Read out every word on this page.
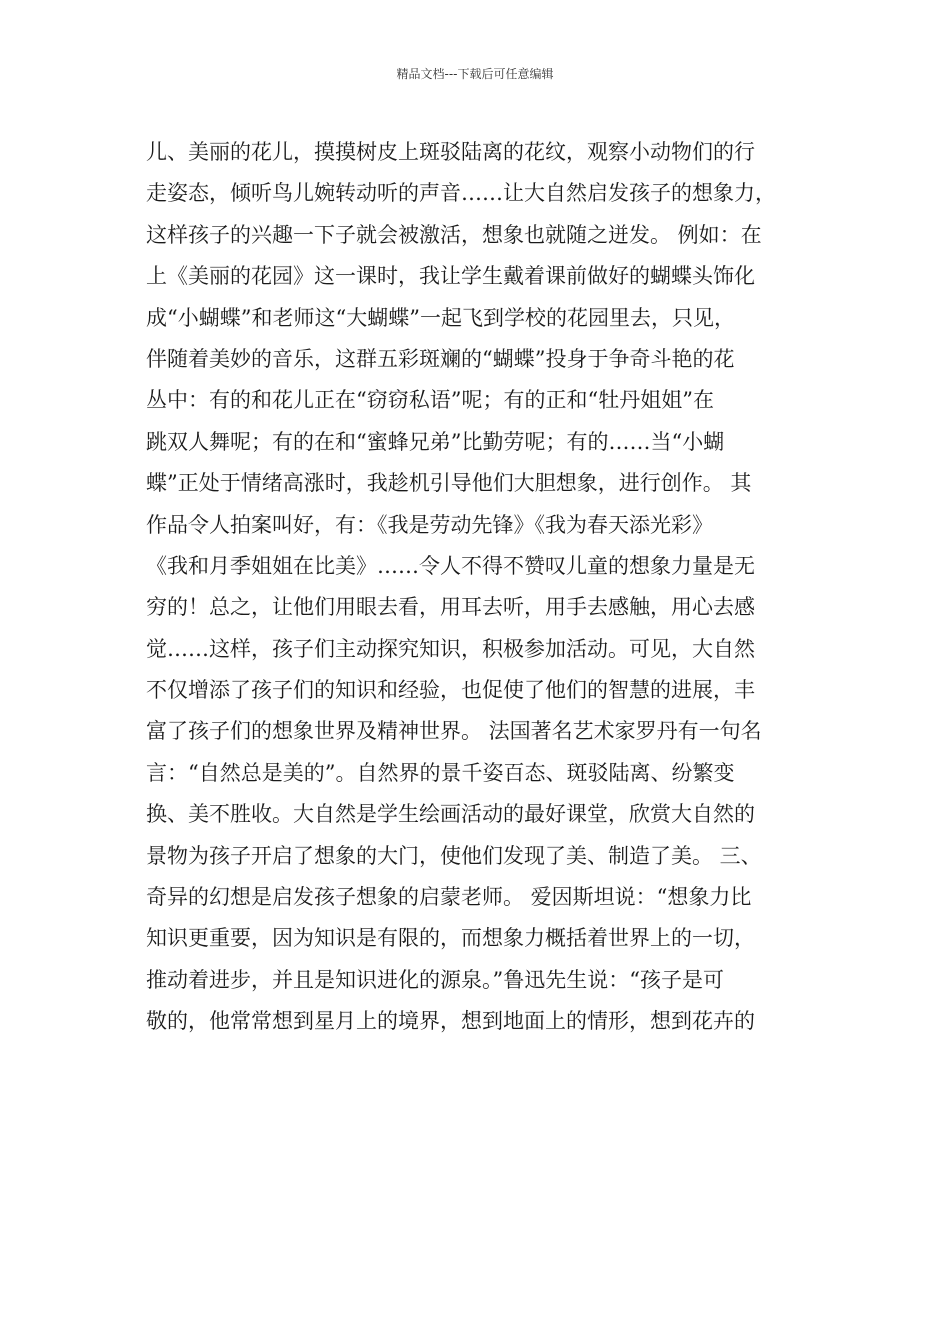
精品文档---下载后可任意编辑
儿、美丽的花儿，摸摸树皮上斑驳陆离的花纹，观察小动物们的行
走姿态，倾听鸟儿婉转动听的声音……让大自然启发孩子的想象力，
这样孩子的兴趣一下子就会被激活，想象也就随之迸发。 例如：在
上《美丽的花园》这一课时，我让学生戴着课前做好的蝴蝶头饰化
成“小蝴蝶”和老师这“大蝴蝶”一起飞到学校的花园里去，只见，
伴随着美妙的音乐，这群五彩斑斓的“蝴蝶”投身于争奇斗艳的花
丛中：有的和花儿正在“窃窃私语”呢；有的正和“牡丹姐姐”在
跳双人舞呢；有的在和“蜜蜂兄弟”比勤劳呢；有的……当“小蝴
蝶”正处于情绪高涨时，我趁机引导他们大胆想象，进行创作。 其
作品令人拍案叫好，有：《我是劳动先锋》《我为春天添光彩》
《我和月季姐姐在比美》……令人不得不赞叹儿童的想象力量是无
穷的！总之，让他们用眼去看，用耳去听，用手去感触，用心去感
觉……这样，孩子们主动探究知识，积极参加活动。可见，大自然
不仅增添了孩子们的知识和经验，也促使了他们的智慧的进展，丰
富了孩子们的想象世界及精神世界。 法国著名艺术家罗丹有一句名
言：“自然总是美的”。自然界的景千姿百态、斑驳陆离、纷繁变
换、美不胜收。大自然是学生绘画活动的最好课堂，欣赏大自然的
景物为孩子开启了想象的大门，使他们发现了美、制造了美。 三、
奇异的幻想是启发孩子想象的启蒙老师。 爱因斯坦说：“想象力比
知识更重要，因为知识是有限的，而想象力概括着世界上的一切，
推动着进步，并且是知识进化的源泉。”鲁迅先生说：“孩子是可
敬的，他常常想到星月上的境界，想到地面上的情形，想到花卉的
